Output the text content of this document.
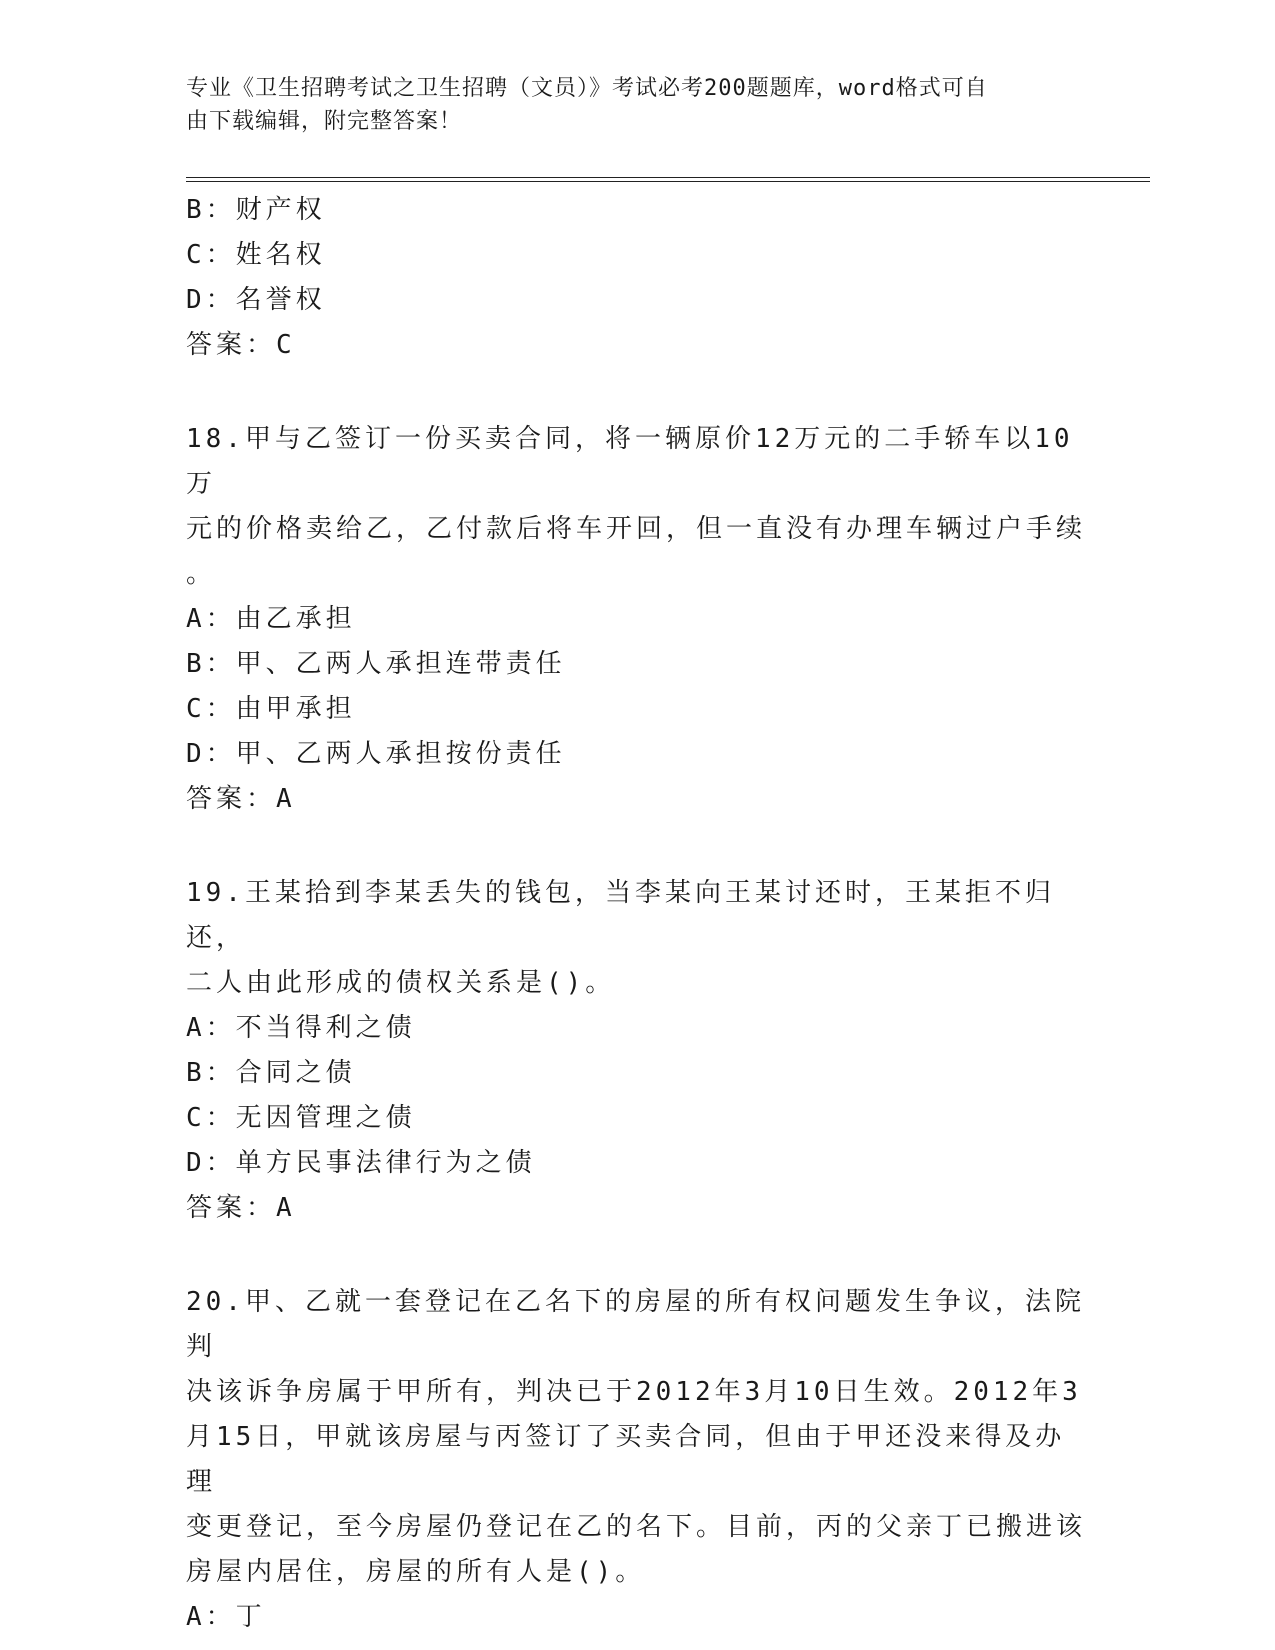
专业《卫生招聘考试之卫生招聘（文员）》考试必考200题题库，word格式可自
由下载编辑，附完整答案！
B：财产权
C：姓名权
D：名誉权
答案：C
18.甲与乙签订一份买卖合同，将一辆原价12万元的二手轿车以10万
元的价格卖给乙，乙付款后将车开回，但一直没有办理车辆过户手续
。
A：由乙承担
B：甲、乙两人承担连带责任
C：由甲承担
D：甲、乙两人承担按份责任
答案：A
19.王某拾到李某丢失的钱包，当李某向王某讨还时，王某拒不归还，
二人由此形成的债权关系是()。
A：不当得利之债
B：合同之债
C：无因管理之债
D：单方民事法律行为之债
答案：A
20.甲、乙就一套登记在乙名下的房屋的所有权问题发生争议，法院判
决该诉争房属于甲所有，判决已于2012年3月10日生效。2012年3
月15日，甲就该房屋与丙签订了买卖合同，但由于甲还没来得及办理
变更登记，至今房屋仍登记在乙的名下。目前，丙的父亲丁已搬进该
房屋内居住，房屋的所有人是()。
A：丁
